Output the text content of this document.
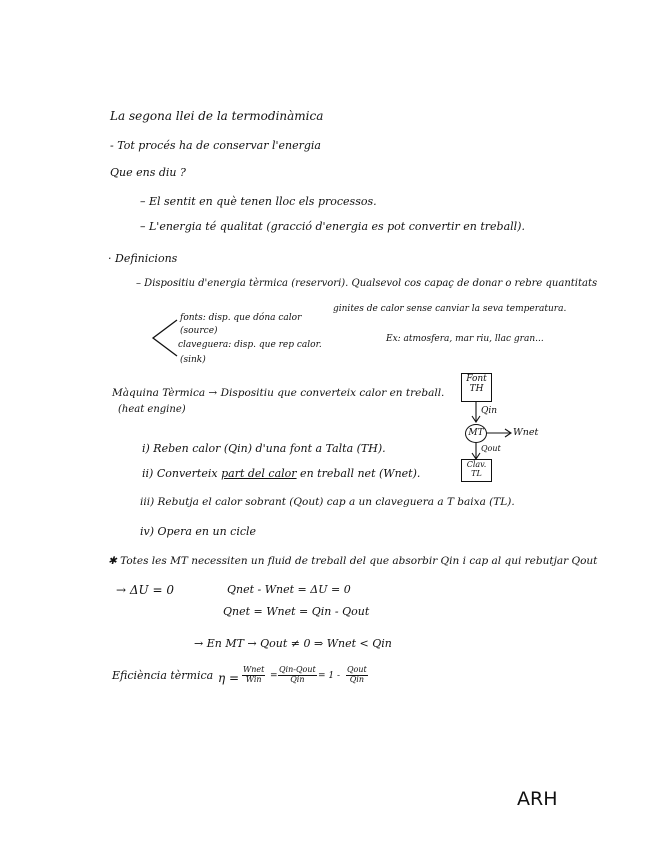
La segona llei de la termodinàmica
- Tot procés ha de conservar l'energia
Que ens diu ?
– El sentit en què tenen lloc els processos.
– L'energia té qualitat (gracció d'energia es pot convertir en treball).
· Definicions
– Dispositiu d'energia tèrmica (reservori). Qualsevol cos capaç de donar o rebre quantitats
ginites de calor sense canviar la seva temperatura.
fonts: disp. que dóna calor
(source)
claveguera: disp. que rep calor.
(sink)
Ex: atmosfera, mar riu, llac gran...
Màquina Tèrmica → Dispositiu que converteix calor en treball.
(heat engine)
Font
TH
Qin
MT	Wnet
Qout
Clav.
TL
i) Reben calor (Qin) d'una font a Talta (TH).
ii) Converteix part del calor en treball net (Wnet).
iii) Rebutja el calor sobrant (Qout) cap a un claveguera a T baixa (TL).
iv) Opera en un cicle
✱ Totes les MT necessiten un fluid de treball del que absorbir Qin i cap al qui rebutjar Qout
→ ΔU = 0	Qnet - Wnet = ΔU = 0
Qnet = Wnet = Qin - Qout
→ En MT → Qout ≠ 0 ⇒ Wnet < Qin
Eficiència tèrmica η =
Wnet
Win =
Qin-Qout
Qin = 1 -
Qout
Qin
ARH
